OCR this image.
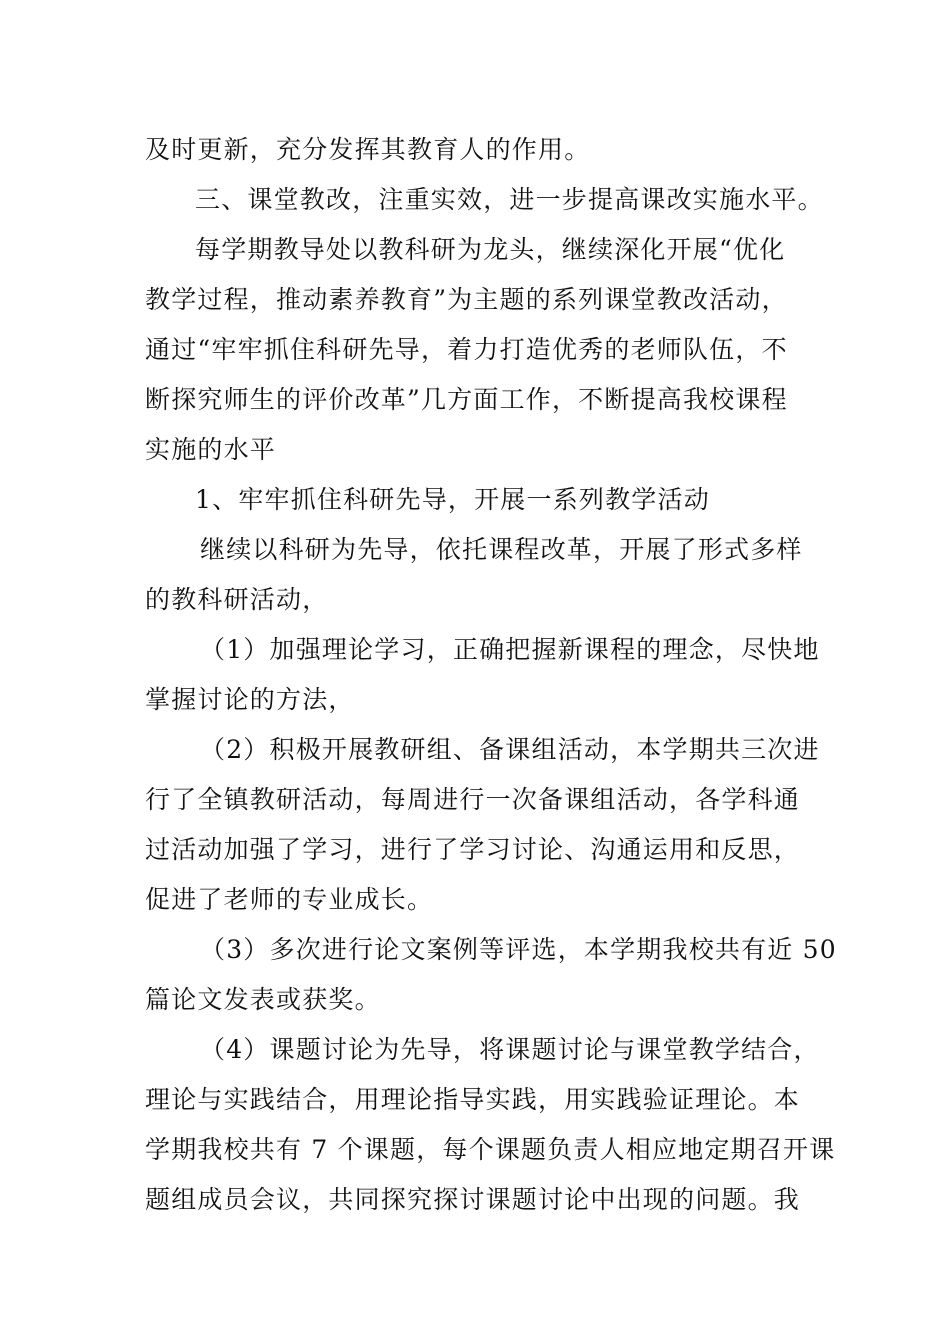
及时更新，充分发挥其教育人的作用。
三、课堂教改，注重实效，进一步提高课改实施水平。
每学期教导处以教科研为龙头，继续深化开展“优化
教学过程，推动素养教育”为主题的系列课堂教改活动，
通过“牢牢抓住科研先导，着力打造优秀的老师队伍，不
断探究师生的评价改革”几方面工作，不断提高我校课程
实施的水平
1、牢牢抓住科研先导，开展一系列教学活动
继续以科研为先导，依托课程改革，开展了形式多样
的教科研活动，
（1）加强理论学习，正确把握新课程的理念，尽快地
掌握讨论的方法，
（2）积极开展教研组、备课组活动，本学期共三次进
行了全镇教研活动，每周进行一次备课组活动，各学科通
过活动加强了学习，进行了学习讨论、沟通运用和反思，
促进了老师的专业成长。
（3）多次进行论文案例等评选，本学期我校共有近 50
篇论文发表或获奖。
（4）课题讨论为先导，将课题讨论与课堂教学结合，
理论与实践结合，用理论指导实践，用实践验证理论。本
学期我校共有 7 个课题，每个课题负责人相应地定期召开课
题组成员会议，共同探究探讨课题讨论中出现的问题。我
